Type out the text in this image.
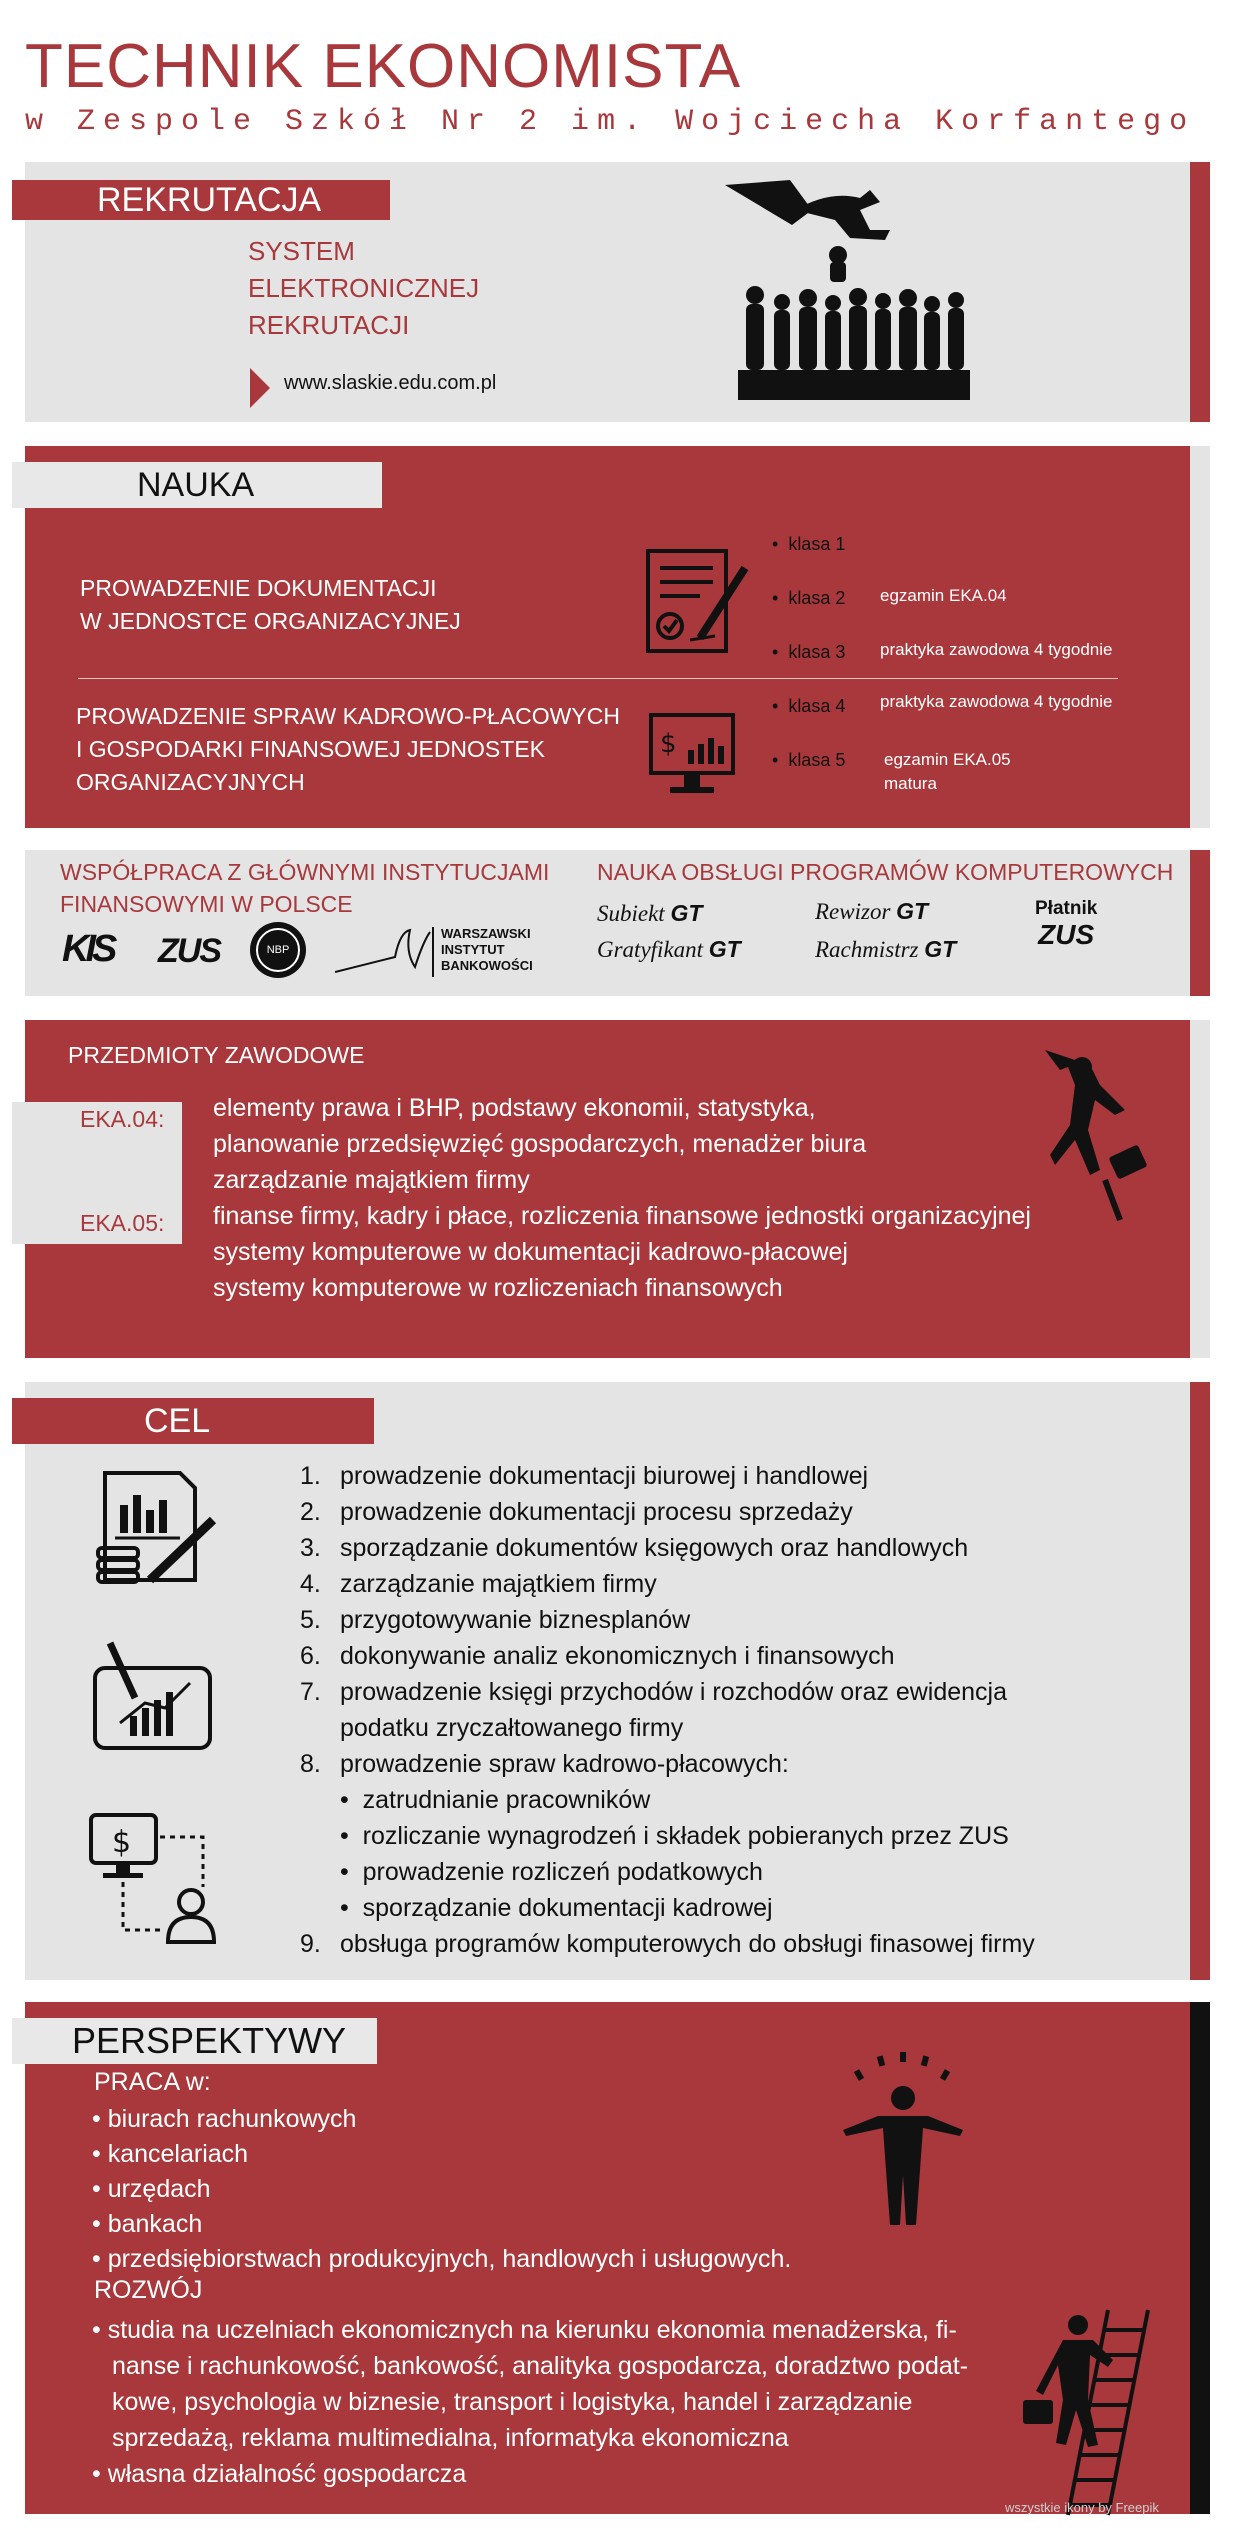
TECHNIK EKONOMISTA
w Zespole Szkół Nr 2 im. Wojciecha Korfantego
REKRUTACJA
SYSTEM
ELEKTRONICZNEJ
REKRUTACJI
www.slaskie.edu.com.pl
NAUKA
PROWADZENIE DOKUMENTACJI
W JEDNOSTCE ORGANIZACYJNEJ
PROWADZENIE SPRAW KADROWO-PŁACOWYCH
I GOSPODARKI FINANSOWEJ JEDNOSTEK
ORGANIZACYJNYCH
$
•  klasa 1
•  klasa 2 egzamin EKA.04
•  klasa 3 praktyka zawodowa 4 tygodnie
•  klasa 4 praktyka zawodowa 4 tygodnie
•  klasa 5 egzamin EKA.05
matura
WSPÓŁPRACA Z GŁÓWNYMI INSTYTUCJAMI
FINANSOWYMI W POLSCE
KIS ZUS	NBP
WARSZAWSKI
INSTYTUT
BANKOWOŚCI
NAUKA OBSŁUGI PROGRAMÓW KOMPUTEROWYCH
Subiekt GT
Gratyfikant GT
Rewizor GT
Rachmistrz GT
Płatnik
ZUS
PRZEDMIOTY ZAWODOWE
EKA.04:
EKA.05:
elementy prawa i BHP, podstawy ekonomii, statystyka,
planowanie przedsięwzięć gospodarczych, menadżer biura
zarządzanie majątkiem firmy
finanse firmy, kadry i płace, rozliczenia finansowe jednostki organizacyjnej
systemy komputerowe w dokumentacji kadrowo-płacowej
systemy komputerowe w rozliczeniach finansowych
CEL
$
1. prowadzenie dokumentacji biurowej i handlowej
2. prowadzenie dokumentacji procesu sprzedaży
3. sporządzanie dokumentów księgowych oraz handlowych
4. zarządzanie majątkiem firmy
5. przygotowywanie biznesplanów
6. dokonywanie analiz ekonomicznych i finansowych
7. prowadzenie księgi przychodów i rozchodów oraz ewidencja
podatku zryczałtowanego firmy
8. prowadzenie spraw kadrowo-płacowych:
•  zatrudnianie pracowników
•  rozliczanie wynagrodzeń i składek pobieranych przez ZUS
•  prowadzenie rozliczeń podatkowych
•  sporządzanie dokumentacji kadrowej
9. obsługa programów komputerowych do obsługi finasowej firmy
PERSPEKTYWY
PRACA w:
• biurach rachunkowych
• kancelariach
• urzędach
• bankach
• przedsiębiorstwach produkcyjnych, handlowych i usługowych.
ROZWÓJ
• studia na uczelniach ekonomicznych na kierunku ekonomia menadżerska, fi-
nanse i rachunkowość, bankowość, analityka gospodarcza, doradztwo podat-
kowe, psychologia w biznesie, transport i logistyka, handel i zarządzanie
sprzedażą, reklama multimedialna, informatyka ekonomiczna
• własna działalność gospodarcza
wszystkie ikony by Freepik
